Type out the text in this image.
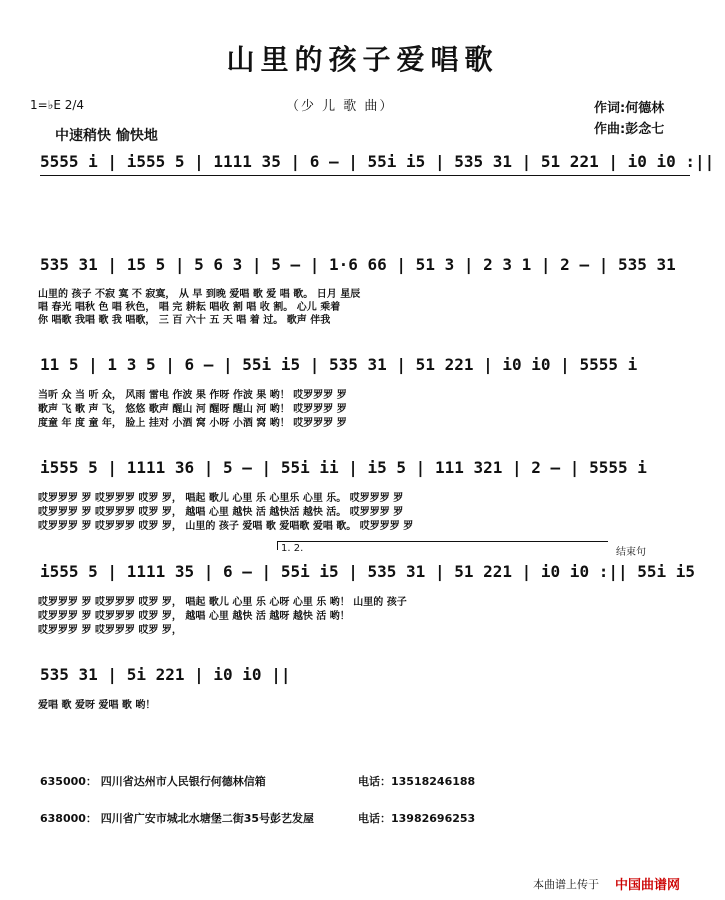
山里的孩子爱唱歌
1=♭E 2/4
中速稍快 愉快地
（少 儿 歌 曲）	作词:何德林
作曲:彭念七
5555 i | i555 5 | 1111 35 | 6 – | 55i i5 | 535 31 | 51 221 | i0 i0 :||
535 31 | 15 5 | 5 6 3 | 5 – | 1·6 66 | 51 3 | 2 3 1 | 2 – | 535 31
山里的 孩子 不寂 寞 不 寂寞， 从 早 到晚 爱唱 歌 爱 唱 歌。 日月 星辰
唱 春光 唱秋 色 唱 秋色， 唱 完 耕耘 唱收 割 唱 收 割。 心儿 乘着
你 唱歌 我唱 歌 我 唱歌， 三 百 六十 五 天 唱 着 过。 歌声 伴我
11 5 | 1 3 5 | 6 – | 55i i5 | 535 31 | 51 221 | i0 i0 | 5555 i
当听 众 当 听 众， 风雨 雷电 作波 果 作呀 作波 果 哟！ 哎罗罗罗 罗
歌声 飞 歌 声 飞， 悠悠 歌声 醒山 河 醒呀 醒山 河 哟！ 哎罗罗罗 罗
度童 年 度 童 年， 脸上 挂对 小酒 窝 小呀 小酒 窝 哟！ 哎罗罗罗 罗
i555 5 | 1111 36 | 5 – | 55i ii | i5 5 | 111 321 | 2 – | 5555 i
哎罗罗罗 罗 哎罗罗罗 哎罗 罗， 唱起 歌儿 心里 乐 心里乐 心里 乐。 哎罗罗罗 罗
哎罗罗罗 罗 哎罗罗罗 哎罗 罗， 越唱 心里 越快 活 越快活 越快 活。 哎罗罗罗 罗
哎罗罗罗 罗 哎罗罗罗 哎罗 罗， 山里的 孩子 爱唱 歌 爱唱歌 爱唱 歌。 哎罗罗罗 罗
1. 2.	结束句
i555 5 | 1111 35 | 6 – | 55i i5 | 535 31 | 51 221 | i0 i0 :|| 55i i5
哎罗罗罗 罗 哎罗罗罗 哎罗 罗， 唱起 歌儿 心里 乐 心呀 心里 乐 哟！ 山里的 孩子
哎罗罗罗 罗 哎罗罗罗 哎罗 罗， 越唱 心里 越快 活 越呀 越快 活 哟！
哎罗罗罗 罗 哎罗罗罗 哎罗 罗，
535 31 | 5i 221 | i0 i0 ||
爱唱 歌 爱呀 爱唱 歌 哟！
635000： 四川省达州市人民银行何德林信箱	电话：13518246188
638000： 四川省广安市城北水塘堡二街35号彭艺发屋	电话：13982696253
本曲谱上传于 中国曲谱网
